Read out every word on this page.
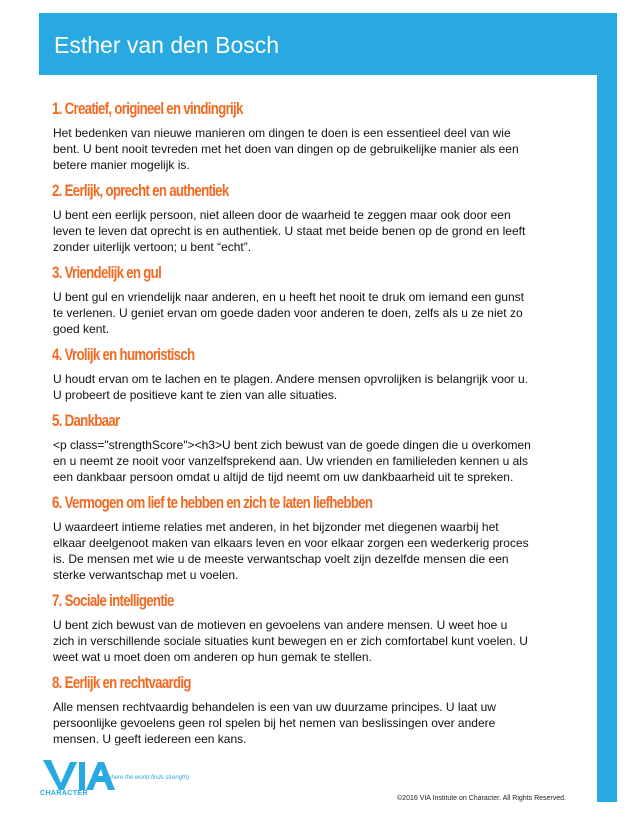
Esther van den Bosch
1. Creatief, origineel en vindingrijk

Het bedenken van nieuwe manieren om dingen te doen is een essentieel deel van wie
bent. U bent nooit tevreden met het doen van dingen op de gebruikelijke manier als een
betere manier mogelijk is.

2. Eerlijk, oprecht en authentiek

U bent een eerlijk persoon, niet alleen door de waarheid te zeggen maar ook door een
leven te leven dat oprecht is en authentiek. U staat met beide benen op de grond en leeft
zonder uiterlijk vertoon; u bent “echt”.

3. Vriendelijk en gul

U bent gul en vriendelijk naar anderen, en u heeft het nooit te druk om iemand een gunst
te verlenen. U geniet ervan om goede daden voor anderen te doen, zelfs als u ze niet zo
goed kent.

4. Vrolijk en humoristisch

U houdt ervan om te lachen en te plagen. Andere mensen opvrolijken is belangrijk voor u.
U probeert de positieve kant te zien van alle situaties.

5. Dankbaar

<p class="strengthScore"><h3>U bent zich bewust van de goede dingen die u overkomen
en u neemt ze nooit voor vanzelfsprekend aan. Uw vrienden en familieleden kennen u als
een dankbaar persoon omdat u altijd de tijd neemt om uw dankbaarheid uit te spreken.

6. Vermogen om lief te hebben en zich te laten liefhebben

U waardeert intieme relaties met anderen, in het bijzonder met diegenen waarbij het
elkaar deelgenoot maken van elkaars leven en voor elkaar zorgen een wederkerig proces
is. De mensen met wie u de meeste verwantschap voelt zijn dezelfde mensen die een
sterke verwantschap met u voelen.

7. Sociale intelligentie

U bent zich bewust van de motieven en gevoelens van andere mensen. U weet hoe u
zich in verschillende sociale situaties kunt bewegen en er zich comfortabel kunt voelen. U
weet wat u moet doen om anderen op hun gemak te stellen.

8. Eerlijk en rechtvaardig

Alle mensen rechtvaardig behandelen is een van uw duurzame principes. U laat uw
persoonlijke gevoelens geen rol spelen bij het nemen van beslissingen over andere
mensen. U geeft iedereen een kans.

CHARACTER
(where the world finds strength)
©2016 VIA Institute on Character. All Rights Reserved.
